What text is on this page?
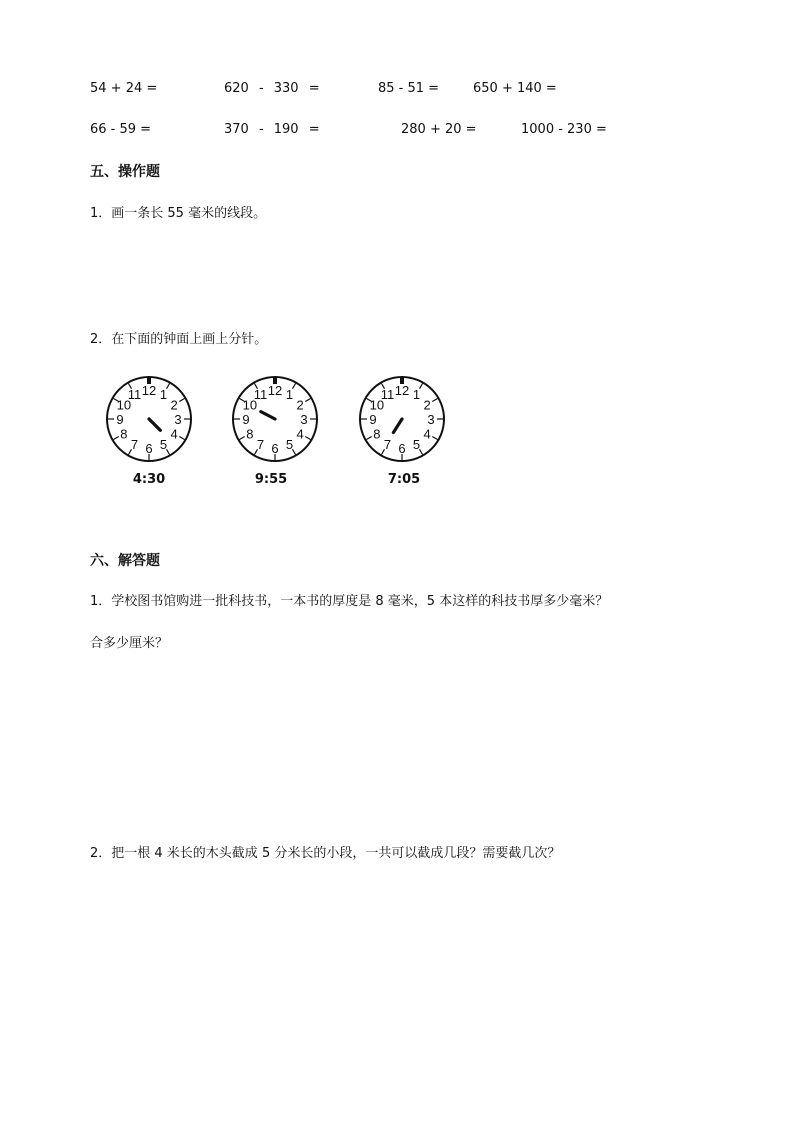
54 + 24 =	620 - 330 =	85 - 51 =	650 + 140 =
66 - 59 =	370 - 190 =	280 + 20 =	1000 - 230 =
五、操作题
1．画一条长 55 毫米的线段。
2．在下面的钟面上画上分针。
12 1
2
3
4
5
6
7
8
9
10
11	12 1
2
3
4
5
6
7
8
9
10
11	12 1
2
3
4
5
6
7
8
9
10
11
4:30	9:55	7:05
六、解答题
1．学校图书馆购进一批科技书，一本书的厚度是 8 毫米，5 本这样的科技书厚多少毫米？
合多少厘米？
2．把一根 4 米长的木头截成 5 分米长的小段，一共可以截成几段？需要截几次？
